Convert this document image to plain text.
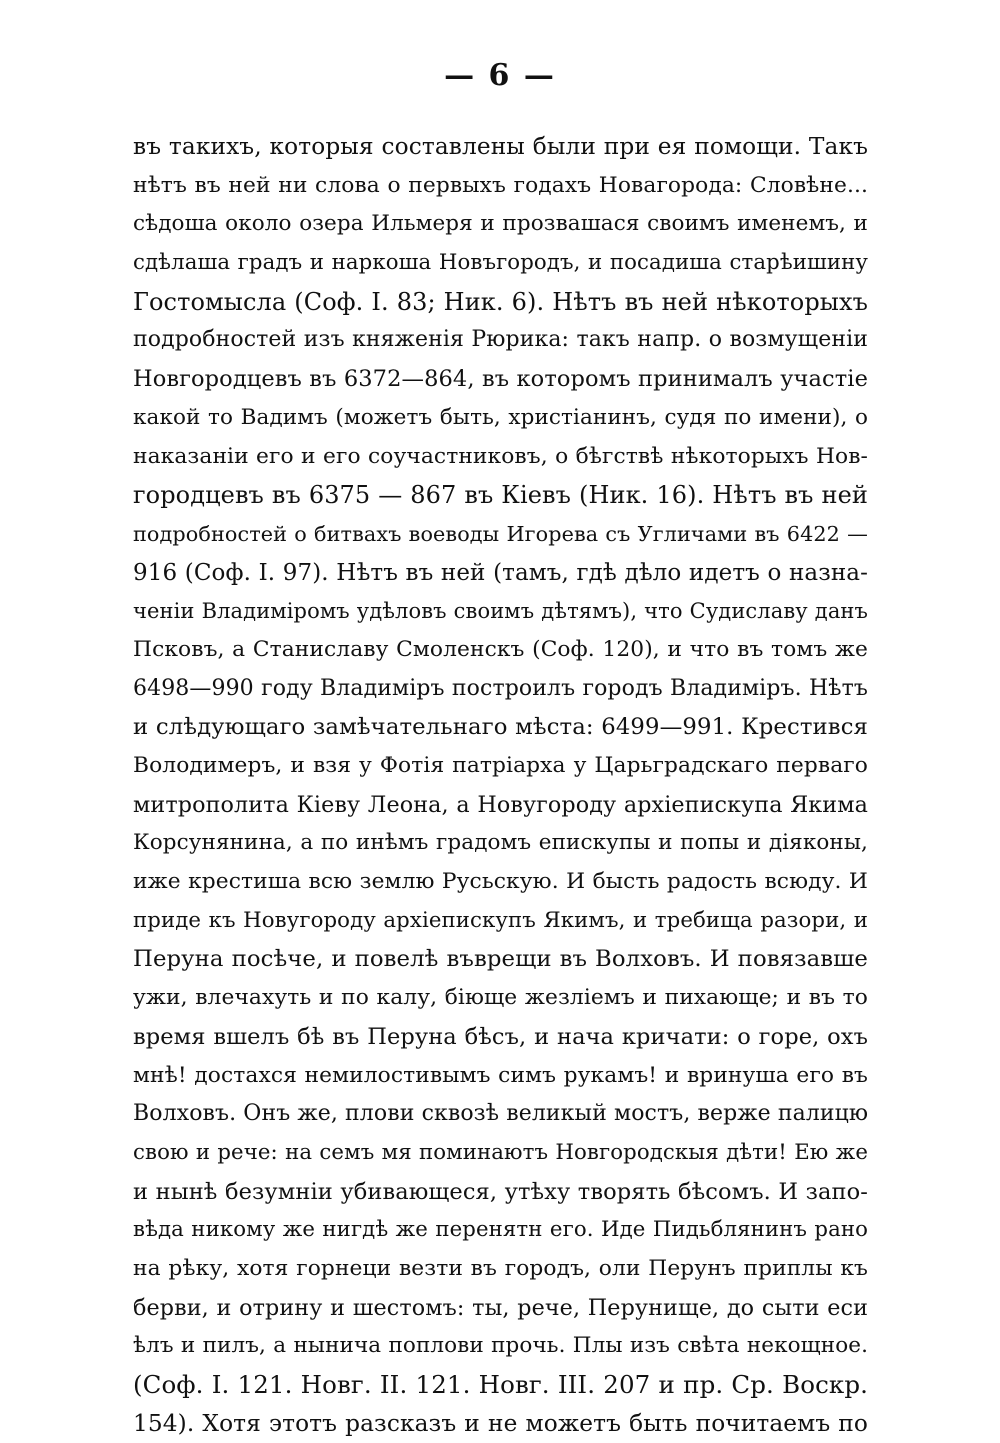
— 6 —
въ такихъ, которыя составлены были при ея помощи. Такъ
нѣтъ въ ней ни слова о первыхъ годахъ Новагорода: Словѣне...
сѣдоша около озера Ильмеря и прозвашася своимъ именемъ, и
сдѣлаша градъ и наркоша Новъгородъ, и посадиша старѣишину
Гостомысла (Соф. I. 83; Ник. 6). Нѣтъ въ ней нѣкоторыхъ
подробностей изъ княженія Рюрика: такъ напр. о возмущеніи
Новгородцевъ въ 6372—864, въ которомъ принималъ участіе
какой то Вадимъ (можетъ быть, христіанинъ, судя по имени), о
наказаніи его и его соучастниковъ, о бѣгствѣ нѣкоторыхъ Нов-
городцевъ въ 6375 — 867 въ Кіевъ (Ник. 16). Нѣтъ въ ней
подробностей о битвахъ воеводы Игорева съ Угличами въ 6422 —
916 (Соф. I. 97). Нѣтъ въ ней (тамъ, гдѣ дѣло идетъ о назна-
ченіи Владиміромъ удѣловъ своимъ дѣтямъ), что Судиславу данъ
Псковъ, а Станиславу Смоленскъ (Соф. 120), и что въ томъ же
6498—990 году Владиміръ построилъ городъ Владиміръ. Нѣтъ
и слѣдующаго замѣчательнаго мѣста: 6499—991. Крестився
Володимеръ, и взя у Фотія патріарха у Царьградскаго перваго
митрополита Кіеву Леона, а Новугороду архіепискупа Якима
Корсунянина, а по инѣмъ градомъ епискупы и попы и діяконы,
иже крестиша всю землю Русьскую. И бысть радость всюду. И
приде къ Новугороду архіепискупъ Якимъ, и требища разори, и
Перуна посѣче, и повелѣ въврещи въ Волховъ. И повязавше
ужи, влечахуть и по калу, біюще жезліемъ и пихающе; и въ то
время вшелъ бѣ въ Перуна бѣсъ, и нача кричати: о горе, охъ
мнѣ! достахся немилостивымъ симъ рукамъ! и вринуша его въ
Волховъ. Онъ же, плови сквозѣ великый мостъ, верже палицю
свою и рече: на семъ мя поминаютъ Новгородскыя дѣти! Ею же
и нынѣ безумніи убивающеся, утѣху творять бѣсомъ. И запо-
вѣда никому же нигдѣ же перенятн его. Иде Пидьблянинъ рано
на рѣку, хотя горнеци везти въ городъ, оли Перунъ приплы къ
берви, и отрину и шестомъ: ты, рече, Перунище, до сыти еси
ѣлъ и пилъ, а нынича поплови прочь. Плы изъ свѣта некощное.
(Соф. I. 121. Новг. II. 121. Новг. III. 207 и пр. Ср. Воскр.
154). Хотя этотъ разсказъ и не можетъ быть почитаемъ по
